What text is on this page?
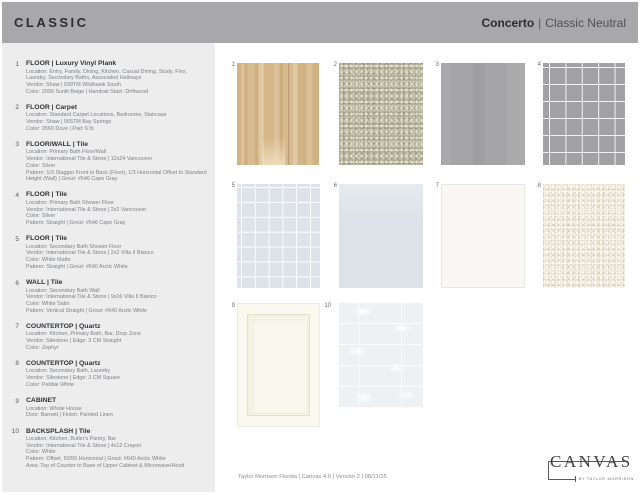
CLASSIC	Concerto | Classic Neutral
1	FLOOR | Luxury Vinyl Plank
Location: Entry, Family, Dining, Kitchen, Casual Dining, Study, Flex, Laundry, Secondary Baths, Associated Hallways
Vendor: Shaw | 599TM Wildhawk South
Color: 2099 Sunlit Beige | Handrail Stain: Driftwood
2	FLOOR | Carpet
Location: Standard Carpet Locations, Bedrooms, Staircase
Vendor: Shaw | 565TM Bay Springs
Color: 0560 Dove | Pad: 6 lb
3	FLOOR/WALL | Tile
Location: Primary Bath Floor/Wall
Vendor: International Tile & Stone | 12x24 Vancouver
Color: Silver
Pattern: 1/3 Stagger Front to Back (Floor), 1/3 Horizontal Offset to Standard Height (Wall) | Grout: #546 Cape Gray
4	FLOOR | Tile
Location: Primary Bath Shower Floor
Vendor: International Tile & Stone | 2x2 Vancouver
Color: Silver
Pattern: Straight | Grout: #546 Cape Gray
5	FLOOR | Tile
Location: Secondary Bath Shower Floor
Vendor: International Tile & Stone | 2x2 Villa II Bianco
Color: White Matte
Pattern: Straight | Grout: #640 Arctic White
6	WALL | Tile
Location: Secondary Bath Wall
Vendor: International Tile & Stone | 9x16 Villa II Bianco
Color: White Satin
Pattern: Vertical Straight | Grout: #640 Arctic White
7	COUNTERTOP | Quartz
Location: Kitchen, Primary Bath, Bar, Drop Zone
Vendor: Silestone | Edge: 3 CM Straight
Color: Zephyr
8	COUNTERTOP | Quartz
Location: Secondary Bath, Laundry
Vendor: Silestone | Edge: 3 CM Square
Color: Pebble White
9	CABINET
Location: Whole House
Door: Barnett | Finish: Painted Linen
10	BACKSPLASH | Tile
Location: Kitchen, Butler's Pantry, Bar
Vendor: International Tile & Stone | 4x12 Crayon
Color: White
Pattern: Offset, 50/50 Horizontal | Grout: #640 Arctic White
Area: Top of Counter to Base of Upper Cabinet & Microwave/Hood
1	2	3	4
5	6	7	8
9	10
Taylor Morrison Florida | Canvas 4.0 | Version 2 | 08/11/25
CANVAS
BY TAYLOR MORRISON
